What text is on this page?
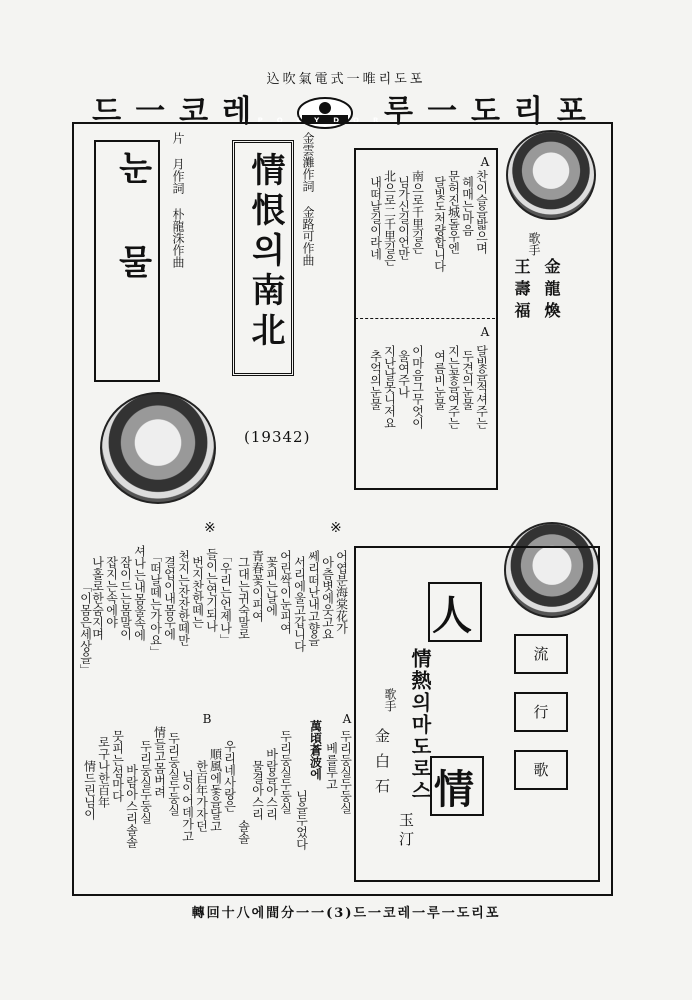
込吹氣電式一唯리도포
드一코레
POLYDOR
루一도리포
A
A
찬이슬을밟으며
헤매는마음
문허진城돌우엔
달빛도처량합니다
南으로千里길은
님가신길이언만
北으로二千里길은
내떠날길이라네
달빛을적셔주는
두견의눈물
지는꽃을여주는
여름비눈물
이마음그무엇이
울여주나
지난날못니저요
추억의눈물
歌手
金龍煥
王壽福
情恨의南北	金雲灘作詞 金路可作曲
(19342)
눈물
片
月作詞 朴龍洙作曲
※
※
어엽분海棠花가
아츰볏에웃고요
쎄리떠난내고향을
서리에울고갑니다
어린싹이눈피여
꽃피는날에
青春꽃이피여
그대는귀숙말로
「우리는언제나」
들이는연기되나
번지찬한떼는
천지는잔잔한떼만
결업이내몸우에
「떠날떼는가아요」
셔나는내몸울속에
잠이드는몸말이
잡지는속에야
나홀로한숨지며
「이몸은세상을」	人
情
情熱의마도로스	流
行
歌
歌手
金白石
玉汀
A
B
두리둥실두둥실
베를투고
萬頃蒼波에
님을두었다
두리둥실두둥실
바람을아스리
물결아스리
솔솔
우리네사랑은
順風에돛을달고
한百年가자던
님이어데가고
두리둥실두둥실
情들고몸버려
두리둥실두둥실
바람아스리솔솔
뭇피는섬마다
로구나한百年
情드린님이
轉回十八에間分一一(3)드一코레一루一도리포
